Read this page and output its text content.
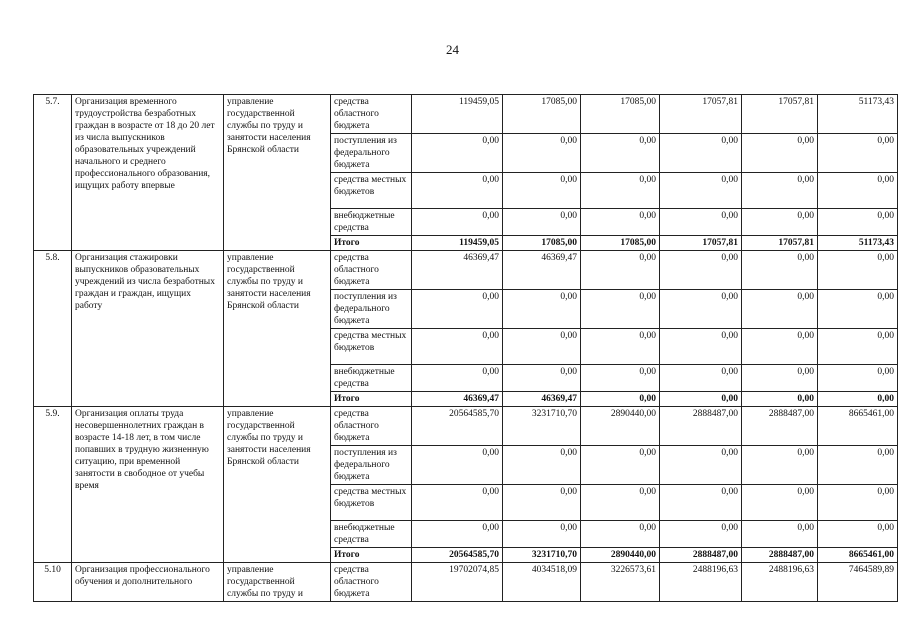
24
5.7.	Организация временного трудоустройства безработных граждан в возрасте от 18 до 20 лет из числа выпускников образовательных учреждений начального и среднего профессионального образования, ищущих работу впервые	управление государственной службы по труду и занятости населения Брянской области	средства областного бюджета	119459,05	17085,00	17085,00	17057,81	17057,81	51173,43
			поступления из федерального бюджета	0,00	0,00	0,00	0,00	0,00	0,00
			средства местных бюджетов	0,00	0,00	0,00	0,00	0,00	0,00
			внебюджетные средства	0,00	0,00	0,00	0,00	0,00	0,00
			Итого	119459,05	17085,00	17085,00	17057,81	17057,81	51173,43
5.8.	Организация стажировки выпускников образовательных учреждений из числа безработных граждан и граждан, ищущих работу	управление государственной службы по труду и занятости населения Брянской области	средства областного бюджета	46369,47	46369,47	0,00	0,00	0,00	0,00
			поступления из федерального бюджета	0,00	0,00	0,00	0,00	0,00	0,00
			средства местных бюджетов	0,00	0,00	0,00	0,00	0,00	0,00
			внебюджетные средства	0,00	0,00	0,00	0,00	0,00	0,00
			Итого	46369,47	46369,47	0,00	0,00	0,00	0,00
5.9.	Организация оплаты труда несовершеннолетних граждан в возрасте 14-18 лет, в том числе попавших в трудную жизненную ситуацию, при временной занятости в свободное от учебы время	управление государственной службы по труду и занятости населения Брянской области	средства областного бюджета	20564585,70	3231710,70	2890440,00	2888487,00	2888487,00	8665461,00
			поступления из федерального бюджета	0,00	0,00	0,00	0,00	0,00	0,00
			средства местных бюджетов	0,00	0,00	0,00	0,00	0,00	0,00
			внебюджетные средства	0,00	0,00	0,00	0,00	0,00	0,00
			Итого	20564585,70	3231710,70	2890440,00	2888487,00	2888487,00	8665461,00
5.10	Организация профессионального обучения и дополнительного	управление государственной службы по труду и	средства областного бюджета	19702074,85	4034518,09	3226573,61	2488196,63	2488196,63	7464589,89
